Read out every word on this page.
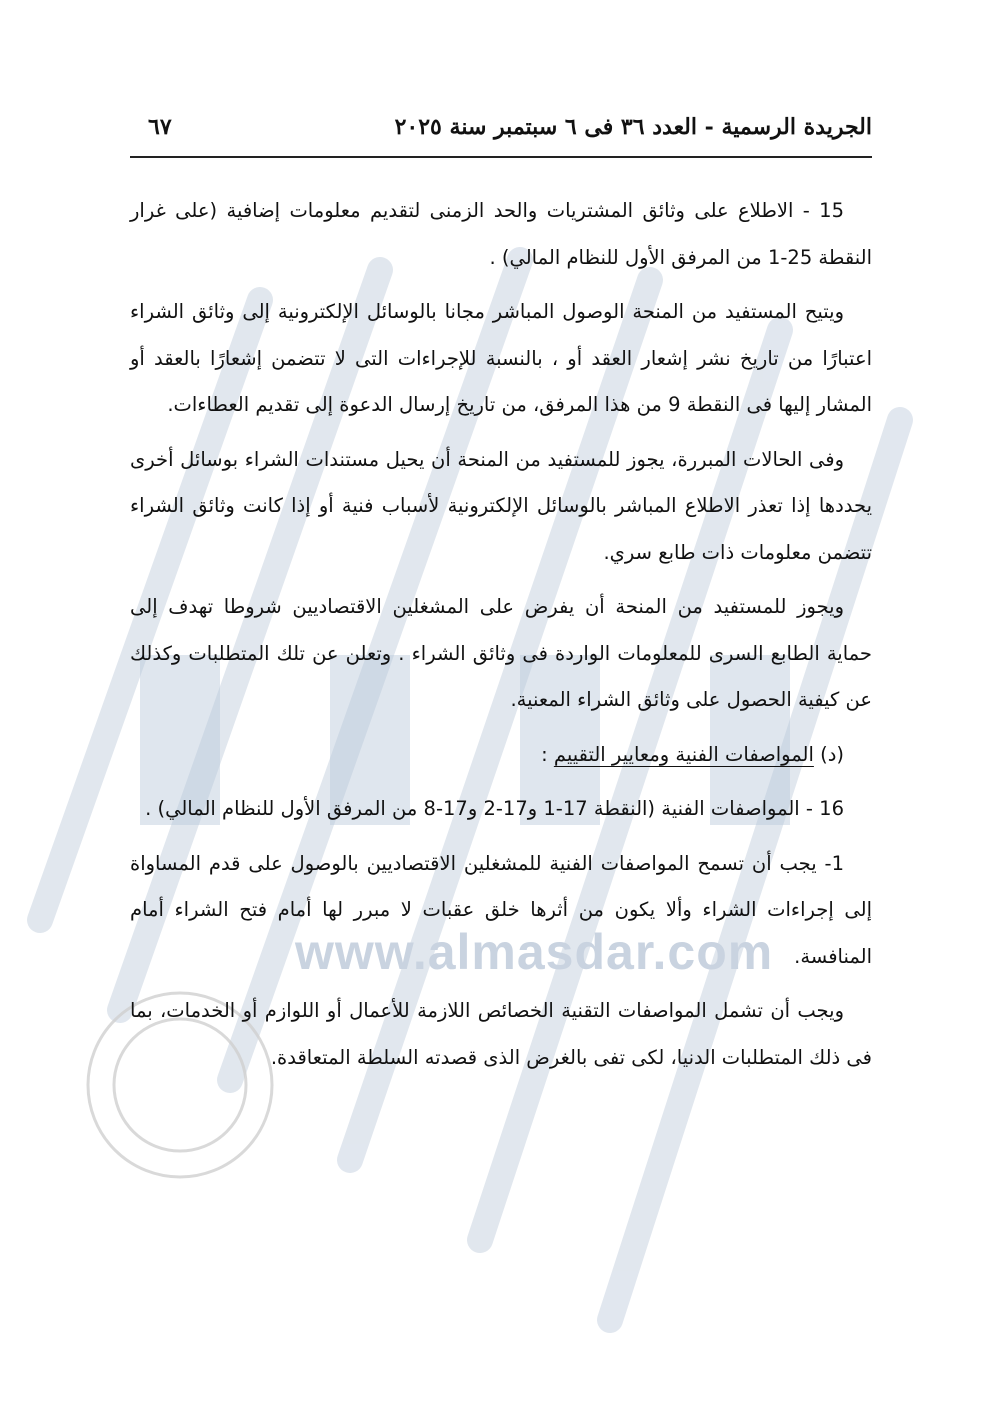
www.almasdar.com
الجريدة الرسمية - العدد ٣٦ فى ٦ سبتمبر سنة ٢٠٢٥
٦٧

15 - الاطلاع على وثائق المشتريات والحد الزمنى لتقديم معلومات إضافية (على غرار النقطة 25-1 من المرفق الأول للنظام المالي) .

ويتيح المستفيد من المنحة الوصول المباشر مجانا بالوسائل الإلكترونية إلى وثائق الشراء اعتبارًا من تاريخ نشر إشعار العقد أو ، بالنسبة للإجراءات التى لا تتضمن إشعارًا بالعقد أو المشار إليها فى النقطة 9 من هذا المرفق، من تاريخ إرسال الدعوة إلى تقديم العطاءات.

وفى الحالات المبررة، يجوز للمستفيد من المنحة أن يحيل مستندات الشراء بوسائل أخرى يحددها إذا تعذر الاطلاع المباشر بالوسائل الإلكترونية لأسباب فنية أو إذا كانت وثائق الشراء تتضمن معلومات ذات طابع سري.

ويجوز للمستفيد من المنحة أن يفرض على المشغلين الاقتصاديين شروطا تهدف إلى حماية الطابع السرى للمعلومات الواردة فى وثائق الشراء . وتعلن عن تلك المتطلبات وكذلك عن كيفية الحصول على وثائق الشراء المعنية.

(د) المواصفات الفنية ومعايير التقييم :

16 - المواصفات الفنية (النقطة 17-1 و17-2 و17-8 من المرفق الأول للنظام المالي) .

1- يجب أن تسمح المواصفات الفنية للمشغلين الاقتصاديين بالوصول على قدم المساواة إلى إجراءات الشراء وألا يكون من أثرها خلق عقبات لا مبرر لها أمام فتح الشراء أمام المنافسة.

ويجب أن تشمل المواصفات التقنية الخصائص اللازمة للأعمال أو اللوازم أو الخدمات، بما فى ذلك المتطلبات الدنيا، لكى تفى بالغرض الذى قصدته السلطة المتعاقدة.
